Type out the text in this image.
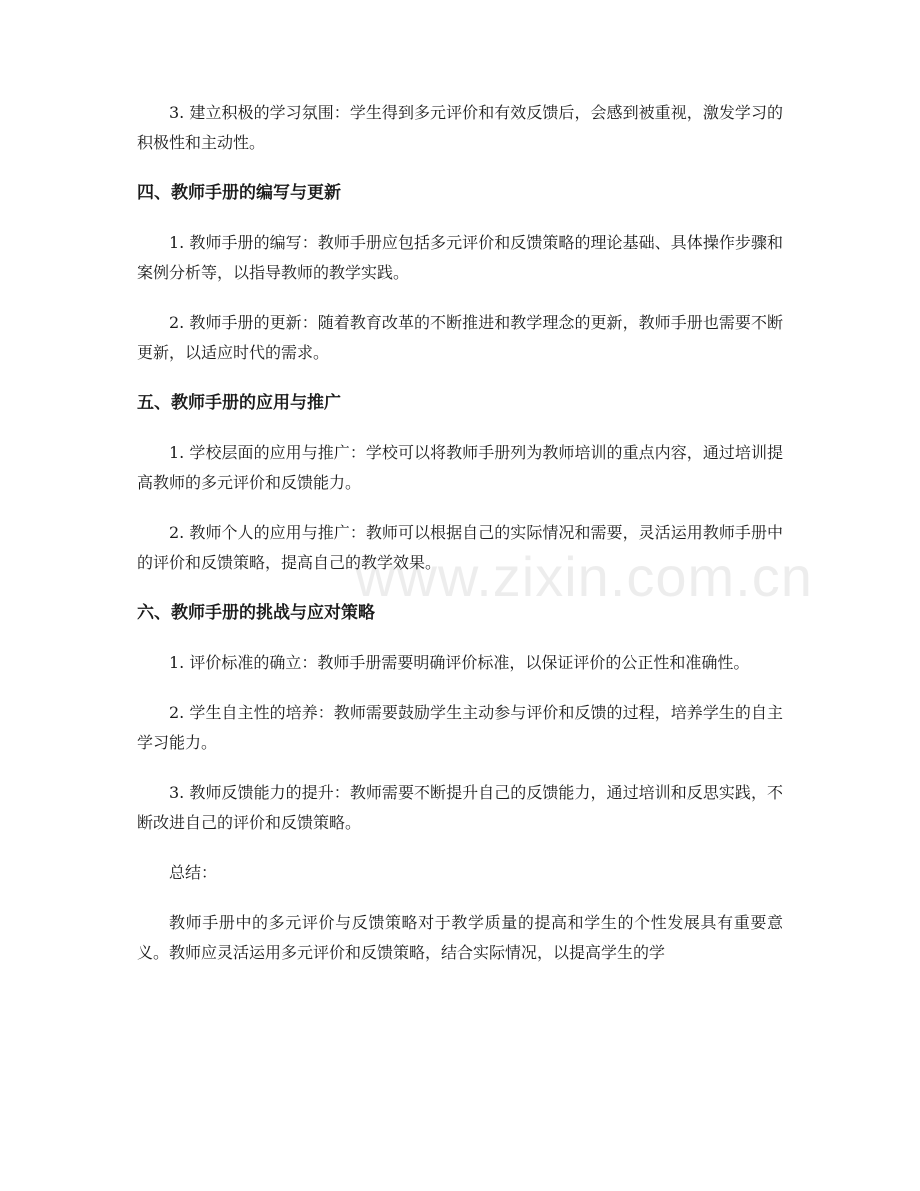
www.zixin.com.cn

3. 建立积极的学习氛围：学生得到多元评价和有效反馈后，会感到被重视，激发学习的积极性和主动性。

四、教师手册的编写与更新

1. 教师手册的编写：教师手册应包括多元评价和反馈策略的理论基础、具体操作步骤和案例分析等，以指导教师的教学实践。

2. 教师手册的更新：随着教育改革的不断推进和教学理念的更新，教师手册也需要不断更新，以适应时代的需求。

五、教师手册的应用与推广

1. 学校层面的应用与推广：学校可以将教师手册列为教师培训的重点内容，通过培训提高教师的多元评价和反馈能力。

2. 教师个人的应用与推广：教师可以根据自己的实际情况和需要，灵活运用教师手册中的评价和反馈策略，提高自己的教学效果。

六、教师手册的挑战与应对策略

1. 评价标准的确立：教师手册需要明确评价标准，以保证评价的公正性和准确性。

2. 学生自主性的培养：教师需要鼓励学生主动参与评价和反馈的过程，培养学生的自主学习能力。

3. 教师反馈能力的提升：教师需要不断提升自己的反馈能力，通过培训和反思实践，不断改进自己的评价和反馈策略。

总结：

教师手册中的多元评价与反馈策略对于教学质量的提高和学生的个性发展具有重要意义。教师应灵活运用多元评价和反馈策略，结合实际情况，以提高学生的学
